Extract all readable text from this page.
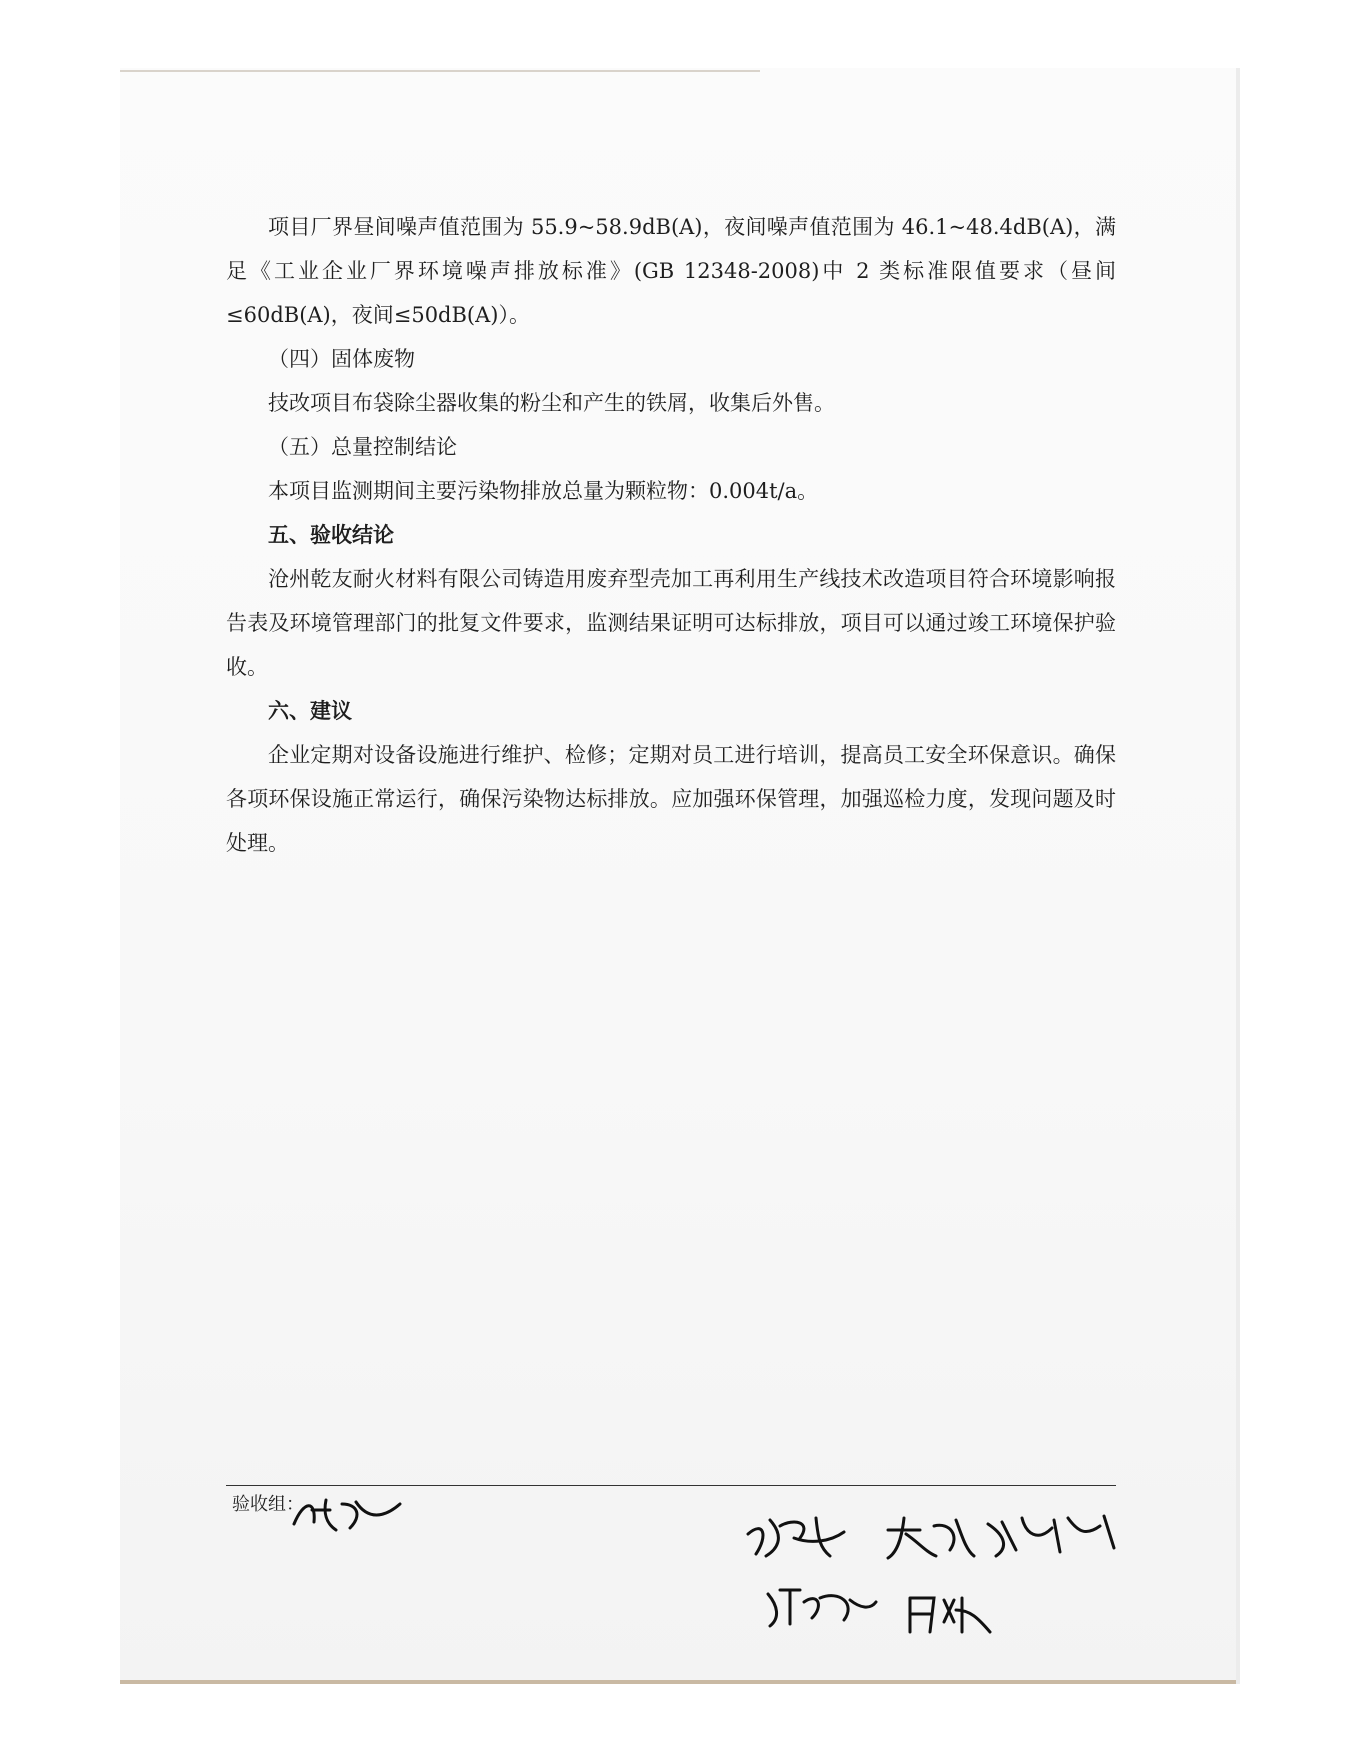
项目厂界昼间噪声值范围为 55.9~58.9dB(A)，夜间噪声值范围为 46.1~48.4dB(A)，满足《工业企业厂界环境噪声排放标准》(GB 12348-2008)中 2 类标准限值要求（昼间≤60dB(A)，夜间≤50dB(A)）。

（四）固体废物

技改项目布袋除尘器收集的粉尘和产生的铁屑，收集后外售。

（五）总量控制结论

本项目监测期间主要污染物排放总量为颗粒物：0.004t/a。

五、验收结论

沧州乾友耐火材料有限公司铸造用废弃型壳加工再利用生产线技术改造项目符合环境影响报告表及环境管理部门的批复文件要求，监测结果证明可达标排放，项目可以通过竣工环境保护验收。

六、建议

企业定期对设备设施进行维护、检修；定期对员工进行培训，提高员工安全环保意识。确保各项环保设施正常运行，确保污染物达标排放。应加强环保管理，加强巡检力度，发现问题及时处理。

验收组：
